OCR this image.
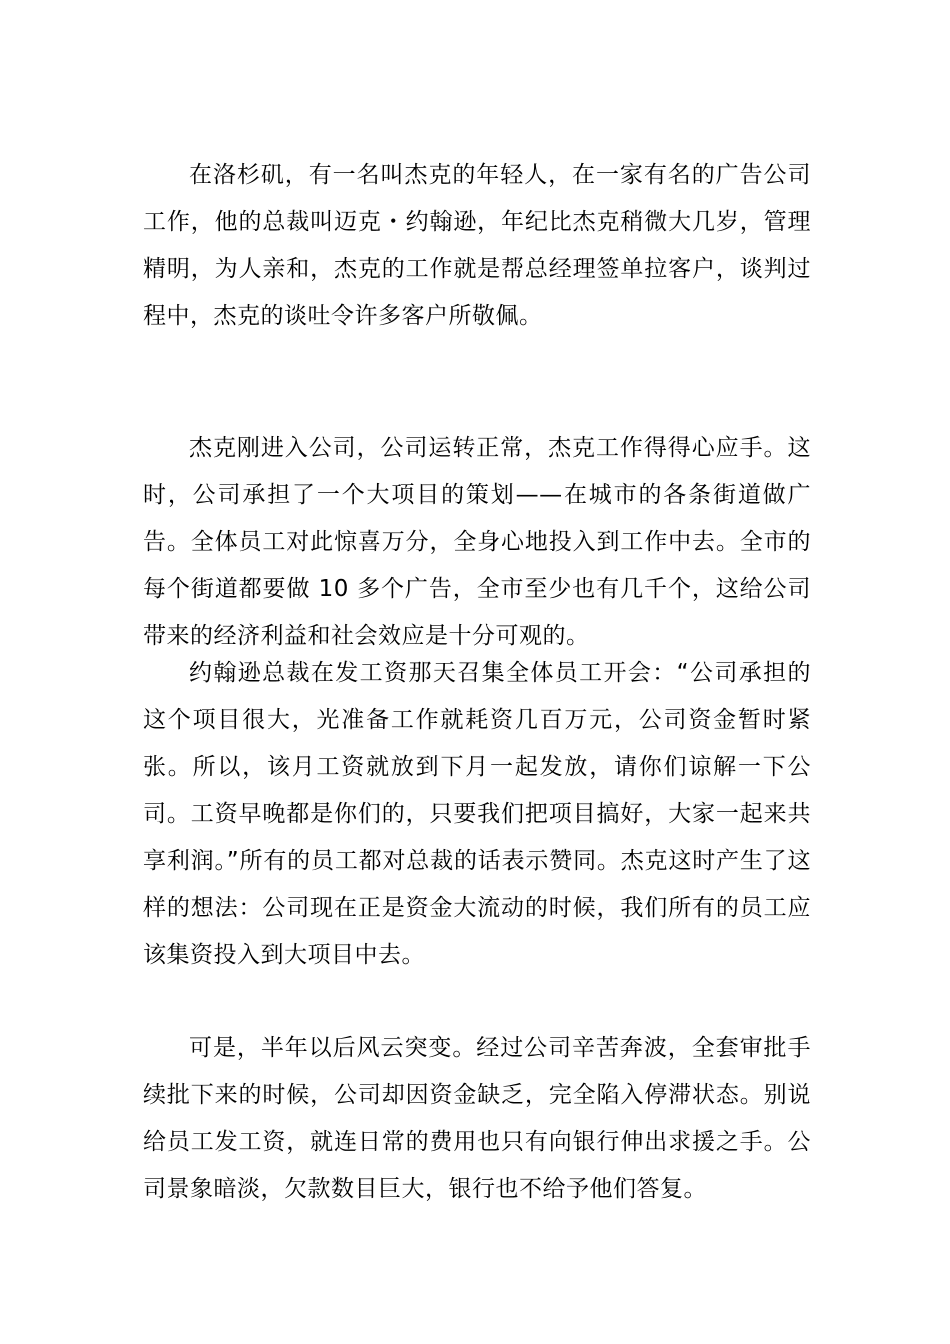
在洛杉矶，有一名叫杰克的年轻人，在一家有名的广告公司工作，他的总裁叫迈克・约翰逊，年纪比杰克稍微大几岁，管理精明，为人亲和，杰克的工作就是帮总经理签单拉客户，谈判过程中，杰克的谈吐令许多客户所敬佩。

杰克刚进入公司，公司运转正常，杰克工作得得心应手。这时，公司承担了一个大项目的策划——在城市的各条街道做广告。全体员工对此惊喜万分，全身心地投入到工作中去。全市的每个街道都要做 10 多个广告，全市至少也有几千个，这给公司带来的经济利益和社会效应是十分可观的。

约翰逊总裁在发工资那天召集全体员工开会：“公司承担的这个项目很大，光准备工作就耗资几百万元，公司资金暂时紧张。所以，该月工资就放到下月一起发放，请你们谅解一下公司。工资早晚都是你们的，只要我们把项目搞好，大家一起来共享利润。”所有的员工都对总裁的话表示赞同。杰克这时产生了这样的想法：公司现在正是资金大流动的时候，我们所有的员工应该集资投入到大项目中去。

可是，半年以后风云突变。经过公司辛苦奔波，全套审批手续批下来的时候，公司却因资金缺乏，完全陷入停滞状态。别说给员工发工资，就连日常的费用也只有向银行伸出求援之手。公司景象暗淡，欠款数目巨大，银行也不给予他们答复。
